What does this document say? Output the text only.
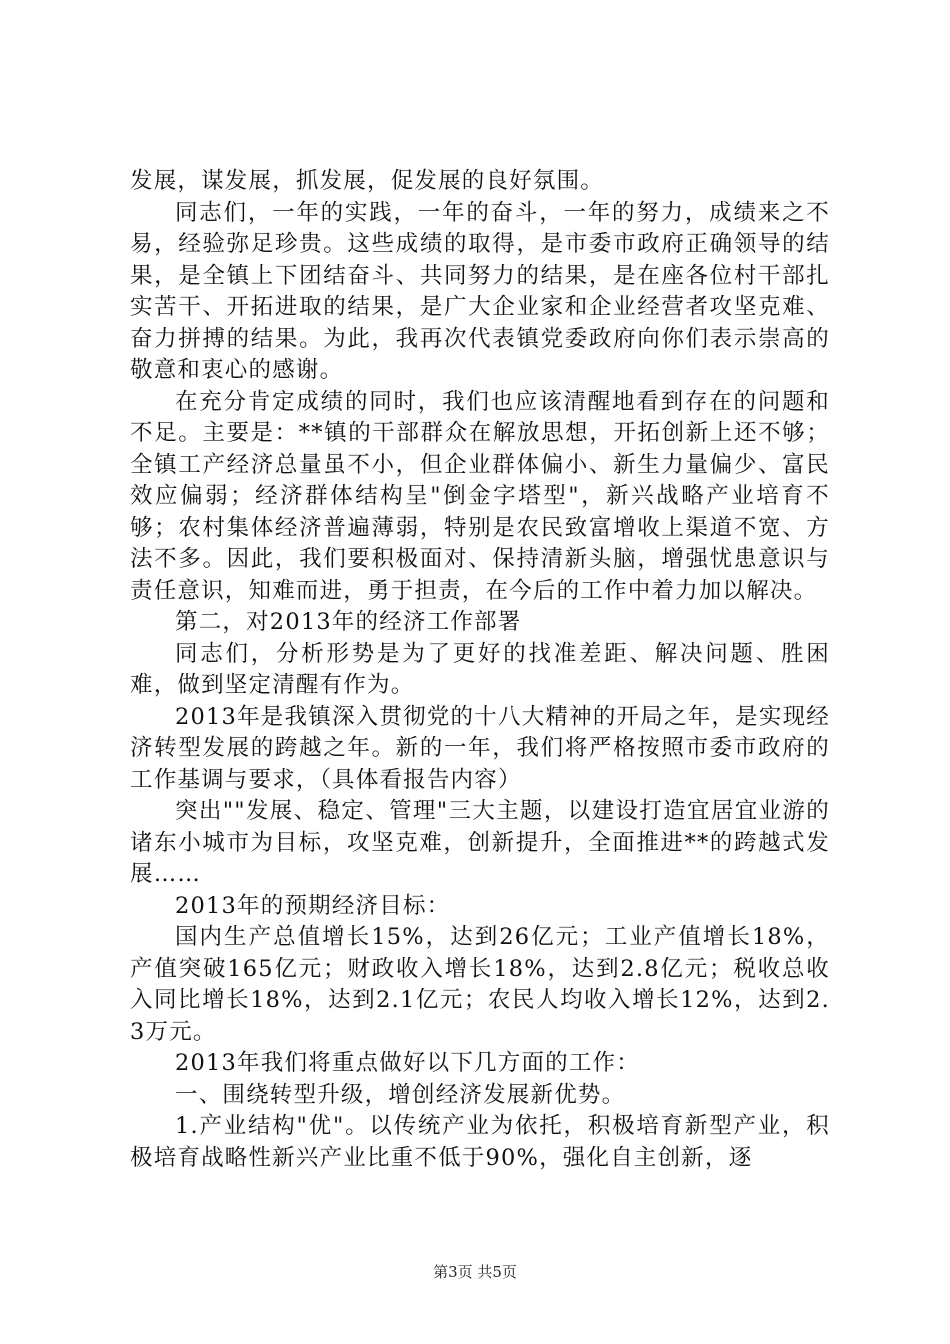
发展，谋发展，抓发展，促发展的良好氛围。

同志们，一年的实践，一年的奋斗，一年的努力，成绩来之不易，经验弥足珍贵。这些成绩的取得，是市委市政府正确领导的结果，是全镇上下团结奋斗、共同努力的结果，是在座各位村干部扎实苦干、开拓进取的结果，是广大企业家和企业经营者攻坚克难、奋力拼搏的结果。为此，我再次代表镇党委政府向你们表示崇高的敬意和衷心的感谢。

在充分肯定成绩的同时，我们也应该清醒地看到存在的问题和不足。主要是：**镇的干部群众在解放思想，开拓创新上还不够；全镇工产经济总量虽不小，但企业群体偏小、新生力量偏少、富民效应偏弱；经济群体结构呈"倒金字塔型"，新兴战略产业培育不够；农村集体经济普遍薄弱，特别是农民致富增收上渠道不宽、方法不多。因此，我们要积极面对、保持清新头脑，增强忧患意识与责任意识，知难而进，勇于担责，在今后的工作中着力加以解决。

第二，对2013年的经济工作部署

同志们，分析形势是为了更好的找准差距、解决问题、胜困难，做到坚定清醒有作为。

2013年是我镇深入贯彻党的十八大精神的开局之年，是实现经济转型发展的跨越之年。新的一年，我们将严格按照市委市政府的工作基调与要求，（具体看报告内容）

突出""发展、稳定、管理"三大主题，以建设打造宜居宜业游的诸东小城市为目标，攻坚克难，创新提升，全面推进**的跨越式发展……

2013年的预期经济目标：

国内生产总值增长15%，达到26亿元；工业产值增长18%，产值突破165亿元；财政收入增长18%，达到2.8亿元；税收总收入同比增长18%，达到2.1亿元；农民人均收入增长12%，达到2.3万元。

2013年我们将重点做好以下几方面的工作：

一、围绕转型升级，增创经济发展新优势。

1.产业结构"优"。以传统产业为依托，积极培育新型产业，积极培育战略性新兴产业比重不低于90%，强化自主创新，逐

第3页 共5页
